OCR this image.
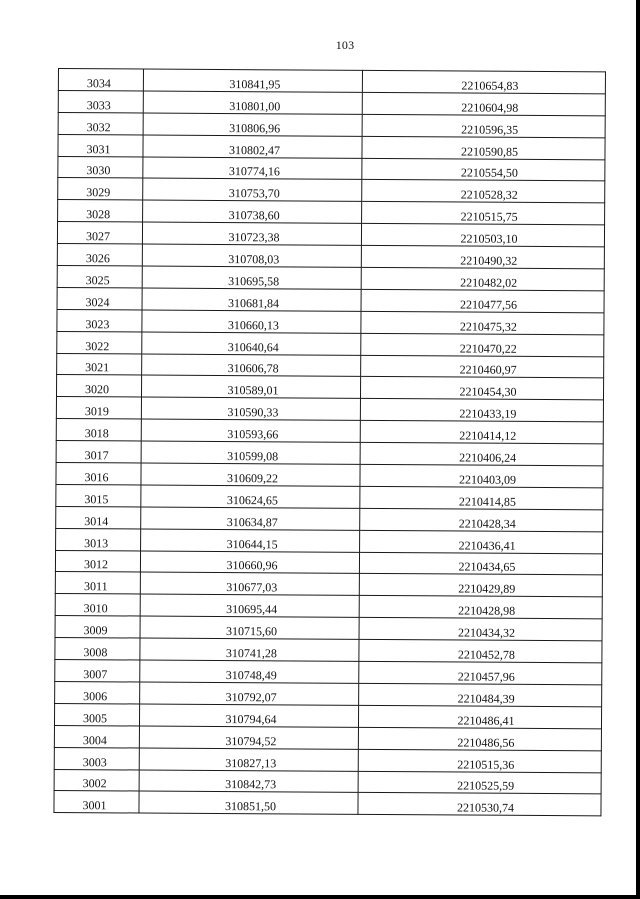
103
3034	310841,95	2210654,83
3033	310801,00	2210604,98
3032	310806,96	2210596,35
3031	310802,47	2210590,85
3030	310774,16	2210554,50
3029	310753,70	2210528,32
3028	310738,60	2210515,75
3027	310723,38	2210503,10
3026	310708,03	2210490,32
3025	310695,58	2210482,02
3024	310681,84	2210477,56
3023	310660,13	2210475,32
3022	310640,64	2210470,22
3021	310606,78	2210460,97
3020	310589,01	2210454,30
3019	310590,33	2210433,19
3018	310593,66	2210414,12
3017	310599,08	2210406,24
3016	310609,22	2210403,09
3015	310624,65	2210414,85
3014	310634,87	2210428,34
3013	310644,15	2210436,41
3012	310660,96	2210434,65
3011	310677,03	2210429,89
3010	310695,44	2210428,98
3009	310715,60	2210434,32
3008	310741,28	2210452,78
3007	310748,49	2210457,96
3006	310792,07	2210484,39
3005	310794,64	2210486,41
3004	310794,52	2210486,56
3003	310827,13	2210515,36
3002	310842,73	2210525,59
3001	310851,50	2210530,74
